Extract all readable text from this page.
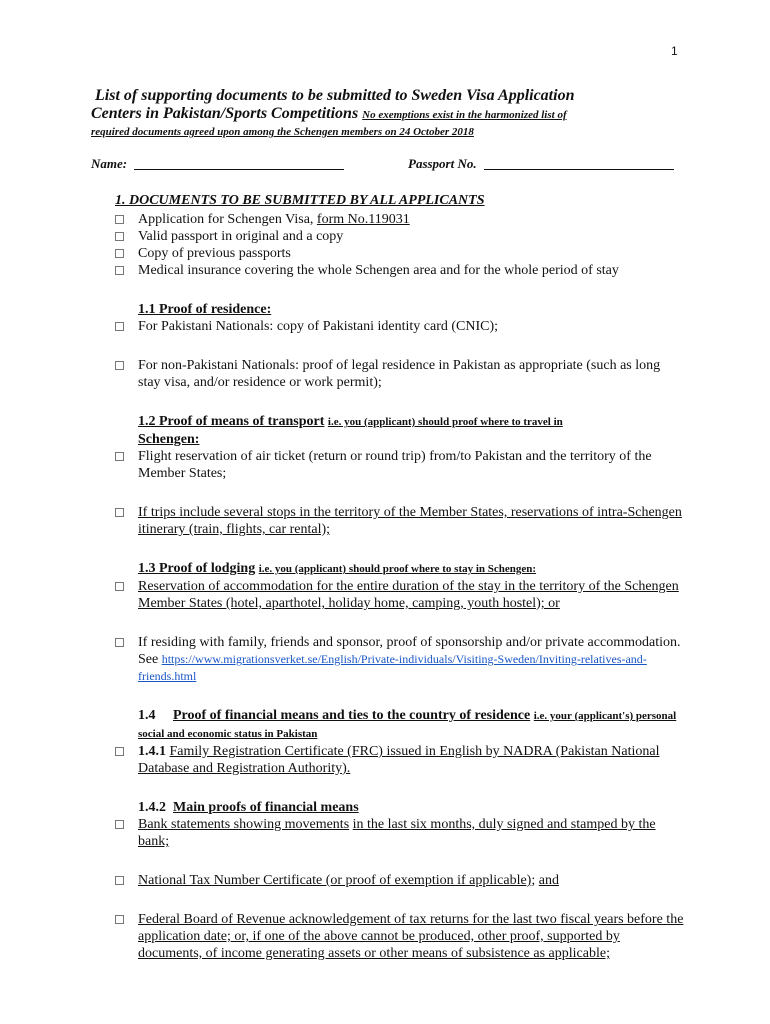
1
List of supporting documents to be submitted to Sweden Visa Application
Centers in Pakistan/Sports Competitions No exemptions exist in the harmonized list of
required documents agreed upon among the Schengen members on 24 October 2018
Name:	Passport No.
1. DOCUMENTS TO BE SUBMITTED BY ALL APPLICANTS
Application for Schengen Visa, form No.119031
Valid passport in original and a copy
Copy of previous passports
Medical insurance covering the whole Schengen area and for the whole period of stay
1.1 Proof of residence:
For Pakistani Nationals: copy of Pakistani identity card (CNIC);
For non-Pakistani Nationals: proof of legal residence in Pakistan as appropriate (such as long stay visa, and/or residence or work permit);
1.2 Proof of means of transport i.e. you (applicant) should proof where to travel in
Schengen:
Flight reservation of air ticket (return or round trip) from/to Pakistan and the territory of the Member States;
If trips include several stops in the territory of the Member States, reservations of intra-Schengen itinerary (train, flights, car rental);
1.3 Proof of lodging i.e. you (applicant) should proof where to stay in Schengen:
Reservation of accommodation for the entire duration of the stay in the territory of the Schengen Member States (hotel, aparthotel, holiday home, camping, youth hostel); or
If residing with family, friends and sponsor, proof of sponsorship and/or private accommodation. See https://www.migrationsverket.se/English/Private-individuals/Visiting-Sweden/Inviting-relatives-and-friends.html
1.4 Proof of financial means and ties to the country of residence i.e. your (applicant's) personal social and economic status in Pakistan
1.4.1 Family Registration Certificate (FRC) issued in English by NADRA (Pakistan National Database and Registration Authority).
1.4.2 Main proofs of financial means
Bank statements showing movements in the last six months, duly signed and stamped by the bank;
National Tax Number Certificate (or proof of exemption if applicable); and
Federal Board of Revenue acknowledgement of tax returns for the last two fiscal years before the application date; or, if one of the above cannot be produced, other proof, supported by documents, of income generating assets or other means of subsistence as applicable;
